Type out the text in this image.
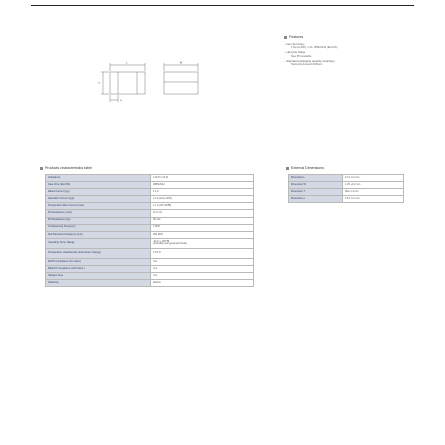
L	W
T
e
Features
– Item Summary
1.5μm(1206), 1.1A, 0805/2012 (EIA/JIS)
– Lifecycle Stage
New PN available
– Standard packaging quantity (reel/tray)
Taping Embossed 2000pcs
Products characteristics table
Inductance	1.5uH ± 20 %
Case Size (EIA/JIS)	0805/2012
Rated Current (typ)	1.1 A
Saturation Current (typ)	1.2 A (ΔL/L-30%)
Temperature Rise Current (max)	1.1 A (ΔT=40℃)
DC Resistance (max)	117 mΩ
DC Resistance (typ)	90 mΩ
L0 Measuring Frequency	1 MHz
Self Resonant Frequency (min)	290 MHz
Operating Temp. Range	-40 to +105 ℃
(including self-generated heat)

Temperature characteristic (inductance change)	± 15 %
RoHS Compliance (10 subst.)	Yes
REACH Compliance (223 subst.)	Yes
Halogen Free	Yes
Soldering	Reflow
External Dimensions
Dimension L	2.0 ± 0.2 mm
Dimension W	1.25 +0.2 mm
Dimension T	Max 1.4 mm
Dimension e	0.5 ± 0.2 mm
